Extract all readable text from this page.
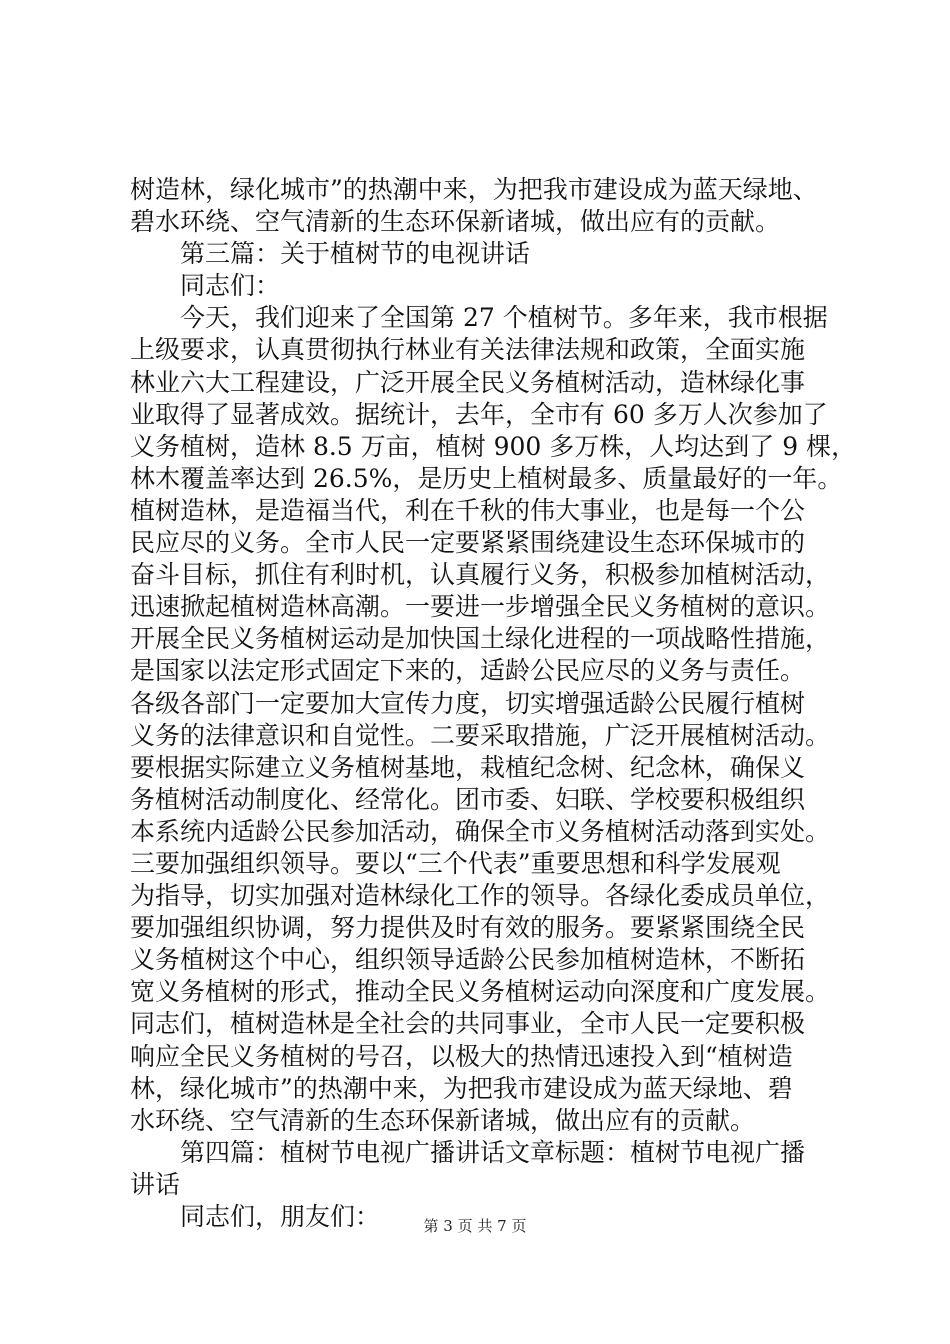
树造林，绿化城市”的热潮中来，为把我市建设成为蓝天绿地、
碧水环绕、空气清新的生态环保新诸城，做出应有的贡献。
第三篇：关于植树节的电视讲话
同志们：
今天，我们迎来了全国第 27 个植树节。多年来，我市根据
上级要求，认真贯彻执行林业有关法律法规和政策，全面实施
林业六大工程建设，广泛开展全民义务植树活动，造林绿化事
业取得了显著成效。据统计，去年，全市有 60 多万人次参加了
义务植树，造林 8.5 万亩，植树 900 多万株，人均达到了 9 棵，
林木覆盖率达到 26.5%，是历史上植树最多、质量最好的一年。
植树造林，是造福当代，利在千秋的伟大事业，也是每一个公
民应尽的义务。全市人民一定要紧紧围绕建设生态环保城市的
奋斗目标，抓住有利时机，认真履行义务，积极参加植树活动，
迅速掀起植树造林高潮。一要进一步增强全民义务植树的意识。
开展全民义务植树运动是加快国土绿化进程的一项战略性措施，
是国家以法定形式固定下来的，适龄公民应尽的义务与责任。
各级各部门一定要加大宣传力度，切实增强适龄公民履行植树
义务的法律意识和自觉性。二要采取措施，广泛开展植树活动。
要根据实际建立义务植树基地，栽植纪念树、纪念林，确保义
务植树活动制度化、经常化。团市委、妇联、学校要积极组织
本系统内适龄公民参加活动，确保全市义务植树活动落到实处。
三要加强组织领导。要以“三个代表”重要思想和科学发展观
为指导，切实加强对造林绿化工作的领导。各绿化委成员单位，
要加强组织协调，努力提供及时有效的服务。要紧紧围绕全民
义务植树这个中心，组织领导适龄公民参加植树造林，不断拓
宽义务植树的形式，推动全民义务植树运动向深度和广度发展。
同志们，植树造林是全社会的共同事业，全市人民一定要积极
响应全民义务植树的号召，以极大的热情迅速投入到“植树造
林，绿化城市”的热潮中来，为把我市建设成为蓝天绿地、碧
水环绕、空气清新的生态环保新诸城，做出应有的贡献。
第四篇：植树节电视广播讲话文章标题：植树节电视广播
讲话
同志们，朋友们：	第 3 页 共 7 页
